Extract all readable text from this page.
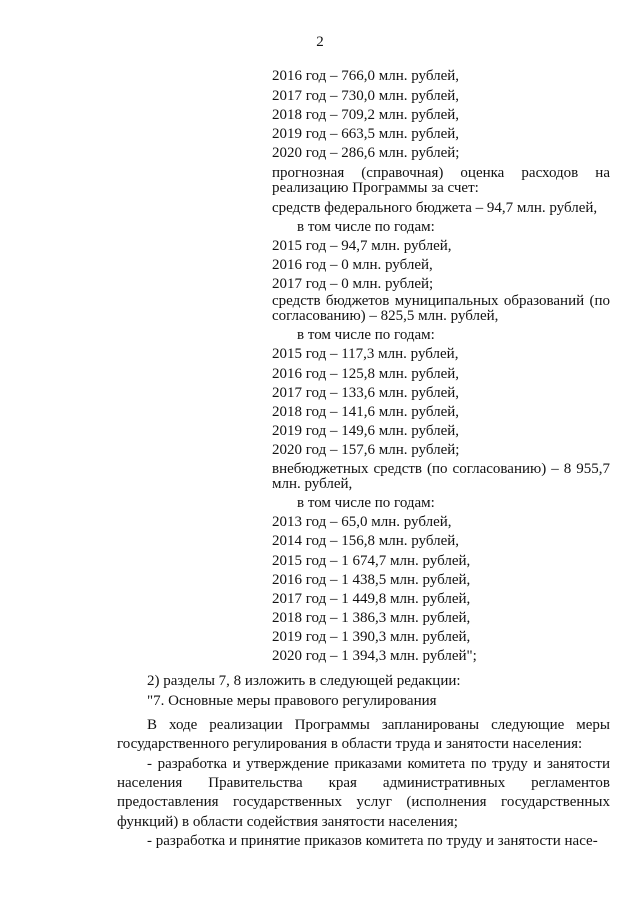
2
2016 год – 766,0 млн. рублей,
2017 год – 730,0 млн. рублей,
2018 год – 709,2 млн. рублей,
2019 год – 663,5 млн. рублей,
2020 год – 286,6 млн. рублей;
прогнозная (справочная) оценка расходов на реализацию Программы за счет:
средств федерального бюджета – 94,7 млн. рублей,
в том числе по годам:
2015 год – 94,7 млн. рублей,
2016 год – 0 млн. рублей,
2017 год – 0 млн. рублей;
средств бюджетов муниципальных образований (по согласованию) – 825,5 млн. рублей,
в том числе по годам:
2015 год – 117,3 млн. рублей,
2016 год – 125,8 млн. рублей,
2017 год – 133,6 млн. рублей,
2018 год – 141,6 млн. рублей,
2019 год – 149,6 млн. рублей,
2020 год – 157,6 млн. рублей;
внебюджетных средств (по согласованию) – 8 955,7 млн. рублей,
в том числе по годам:
2013 год – 65,0 млн. рублей,
2014 год – 156,8 млн. рублей,
2015 год – 1 674,7 млн. рублей,
2016 год – 1 438,5 млн. рублей,
2017 год – 1 449,8 млн. рублей,
2018 год – 1 386,3 млн. рублей,
2019 год – 1 390,3 млн. рублей,
2020 год – 1 394,3 млн. рублей";
2) разделы 7, 8 изложить в следующей редакции:
"7. Основные меры правового регулирования
В ходе реализации Программы запланированы следующие меры государственного регулирования в области труда и занятости населения:
- разработка и утверждение приказами комитета по труду и занятости населения Правительства края административных регламентов предоставления государственных услуг (исполнения государственных функций) в области содействия занятости населения;
- разработка и принятие приказов комитета по труду и занятости насе-
